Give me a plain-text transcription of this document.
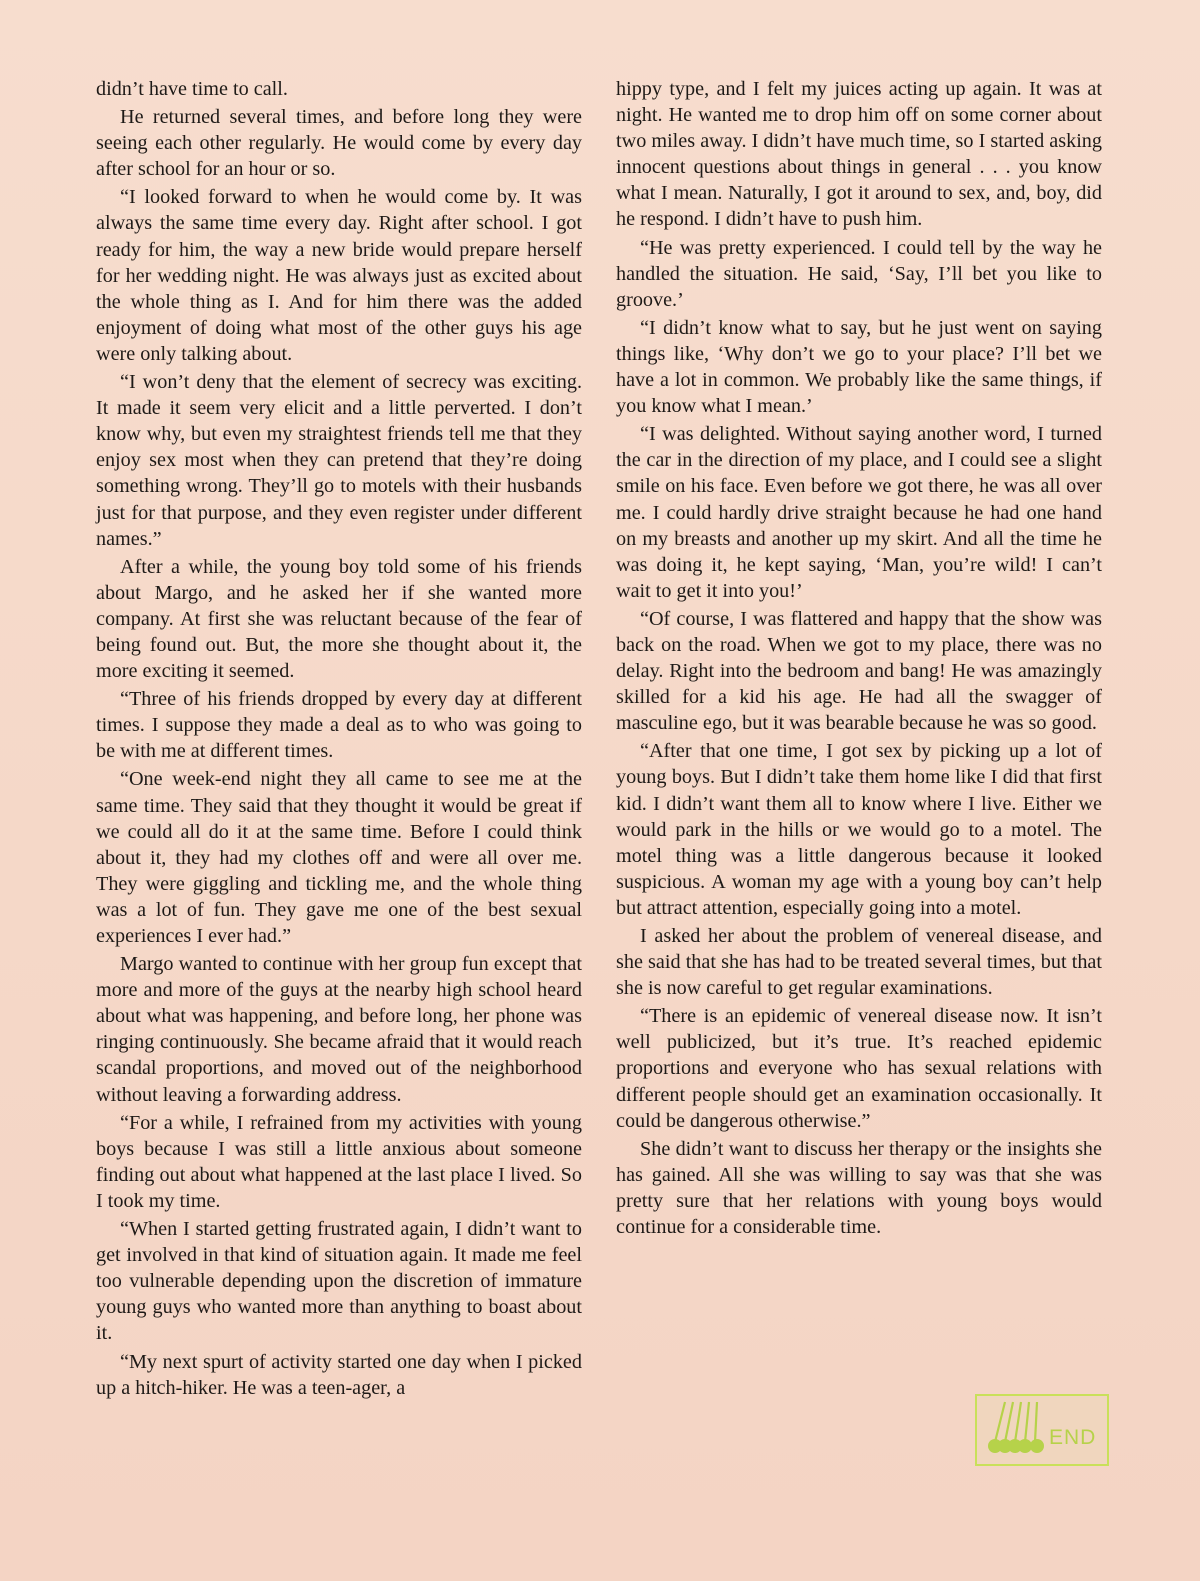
didn’t have time to call.

He returned several times, and before long they were seeing each other regularly. He would come by every day after school for an hour or so.

“I looked forward to when he would come by. It was always the same time every day. Right after school. I got ready for him, the way a new bride would prepare herself for her wedding night. He was always just as excited about the whole thing as I. And for him there was the added enjoyment of doing what most of the other guys his age were only talking about.

“I won’t deny that the element of secrecy was exciting. It made it seem very elicit and a little perverted. I don’t know why, but even my straightest friends tell me that they enjoy sex most when they can pretend that they’re doing something wrong. They’ll go to motels with their husbands just for that purpose, and they even register under different names.”

After a while, the young boy told some of his friends about Margo, and he asked her if she wanted more company. At first she was reluctant because of the fear of being found out. But, the more she thought about it, the more exciting it seemed.

“Three of his friends dropped by every day at different times. I suppose they made a deal as to who was going to be with me at different times.

“One week-end night they all came to see me at the same time. They said that they thought it would be great if we could all do it at the same time. Before I could think about it, they had my clothes off and were all over me. They were giggling and tickling me, and the whole thing was a lot of fun. They gave me one of the best sexual experiences I ever had.”

Margo wanted to continue with her group fun except that more and more of the guys at the nearby high school heard about what was happening, and before long, her phone was ringing continuously. She became afraid that it would reach scandal proportions, and moved out of the neighborhood without leaving a forwarding address.

“For a while, I refrained from my activities with young boys because I was still a little anxious about someone finding out about what happened at the last place I lived. So I took my time.

“When I started getting frustrated again, I didn’t want to get involved in that kind of situation again. It made me feel too vulnerable depending upon the discretion of immature young guys who wanted more than anything to boast about it.

“My next spurt of activity started one day when I picked up a hitch-hiker. He was a teen-ager, a

hippy type, and I felt my juices acting up again. It was at night. He wanted me to drop him off on some corner about two miles away. I didn’t have much time, so I started asking innocent questions about things in general . . . you know what I mean. Naturally, I got it around to sex, and, boy, did he respond. I didn’t have to push him.

“He was pretty experienced. I could tell by the way he handled the situation. He said, ‘Say, I’ll bet you like to groove.’

“I didn’t know what to say, but he just went on saying things like, ‘Why don’t we go to your place? I’ll bet we have a lot in common. We probably like the same things, if you know what I mean.’

“I was delighted. Without saying another word, I turned the car in the direction of my place, and I could see a slight smile on his face. Even before we got there, he was all over me. I could hardly drive straight because he had one hand on my breasts and another up my skirt. And all the time he was doing it, he kept saying, ‘Man, you’re wild! I can’t wait to get it into you!’

“Of course, I was flattered and happy that the show was back on the road. When we got to my place, there was no delay. Right into the bedroom and bang! He was amazingly skilled for a kid his age. He had all the swagger of masculine ego, but it was bearable because he was so good.

“After that one time, I got sex by picking up a lot of young boys. But I didn’t take them home like I did that first kid. I didn’t want them all to know where I live. Either we would park in the hills or we would go to a motel. The motel thing was a little dangerous because it looked suspicious. A woman my age with a young boy can’t help but attract attention, especially going into a motel.

I asked her about the problem of venereal disease, and she said that she has had to be treated several times, but that she is now careful to get regular examinations.

“There is an epidemic of venereal disease now. It isn’t well publicized, but it’s true. It’s reached epidemic proportions and everyone who has sexual relations with different people should get an examination occasionally. It could be dangerous otherwise.”

She didn’t want to discuss her therapy or the insights she has gained. All she was willing to say was that she was pretty sure that her relations with young boys would continue for a considerable time.

END
